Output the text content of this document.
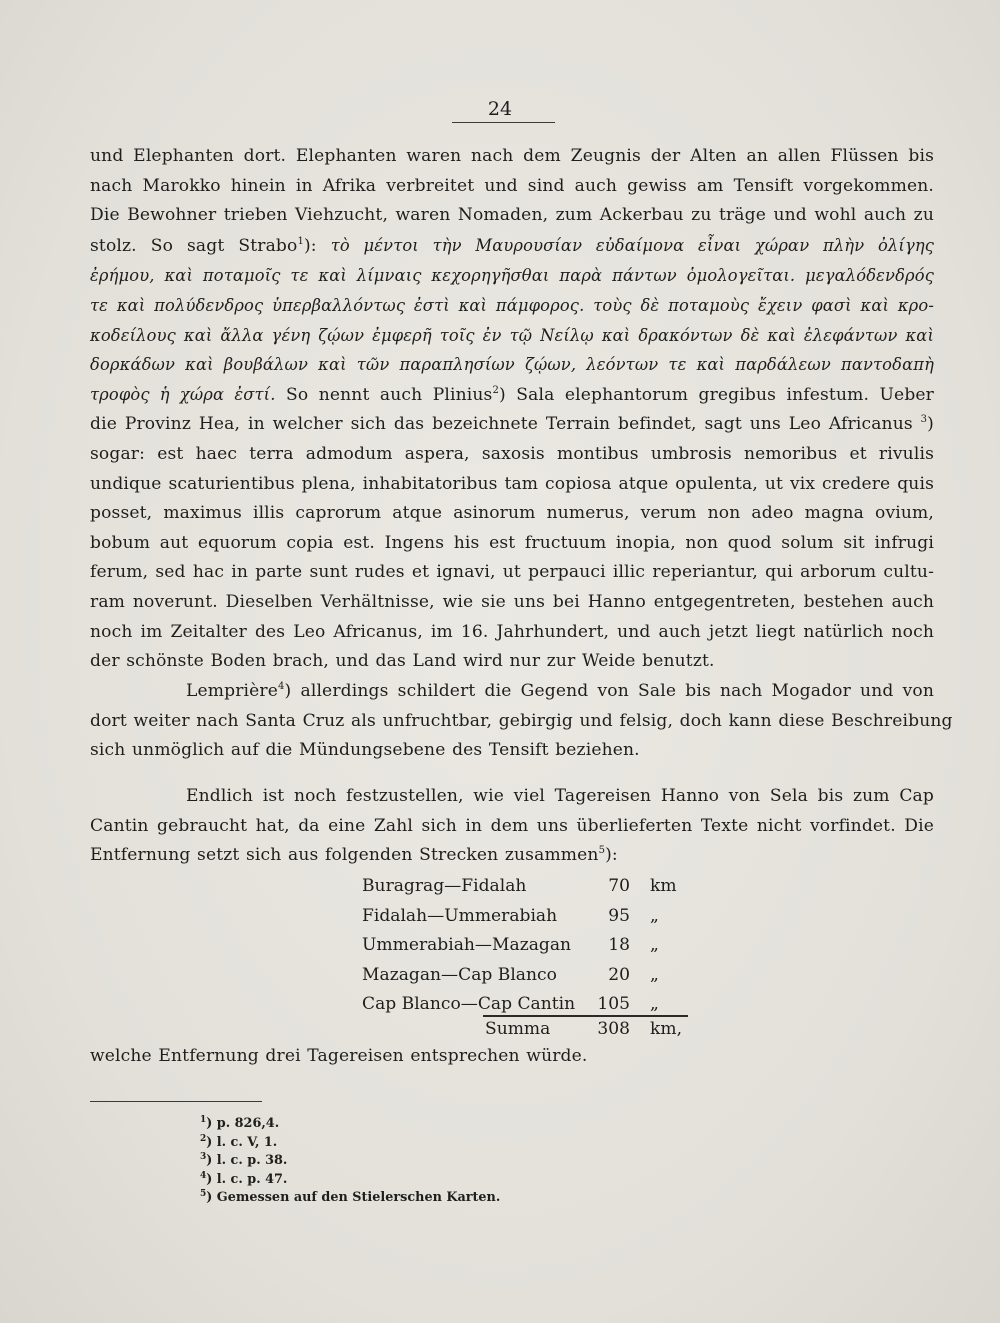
24
und Elephanten dort. Elephanten waren nach dem Zeugnis der Alten an allen Flüssen bis
nach Marokko hinein in Afrika verbreitet und sind auch gewiss am Tensift vorgekommen.
Die Bewohner trieben Viehzucht, waren Nomaden, zum Ackerbau zu träge und wohl auch zu
stolz. So sagt Strabo$^1$): τὸ μέντοι τὴν Μαυρουσίαν εὐδαίμονα εἶναι χώραν πλὴν ὀλίγης
ἐρήμου, καὶ ποταμοῖς τε καὶ λίμναις κεχορηγῆσθαι παρὰ πάντων ὁμολογεῖται. μεγαλόδενδρός
τε καὶ πολύδενδρος ὑπερβαλλόντως ἐστὶ καὶ πάμφορος. τοὺς δὲ ποταμοὺς ἔχειν φασὶ καὶ κρο-
κοδείλους καὶ ἄλλα γένη ζῴων ἐμφερῆ τοῖς ἐν τῷ Νείλῳ καὶ δρακόντων δὲ καὶ ἐλεφάντων καὶ
δορκάδων καὶ βουβάλων καὶ τῶν παραπλησίων ζῴων, λεόντων τε καὶ παρδάλεων παντοδαπὴ
τροφὸς ἡ χώρα ἐστί. So nennt auch Plinius$^2$) Sala elephantorum gregibus infestum. Ueber
die Provinz Hea, in welcher sich das bezeichnete Terrain befindet, sagt uns Leo Africanus $^3$)
sogar: est haec terra admodum aspera, saxosis montibus umbrosis nemoribus et rivulis
undique scaturientibus plena, inhabitatoribus tam copiosa atque opulenta, ut vix credere quis
posset, maximus illis caprorum atque asinorum numerus, verum non adeo magna ovium,
bobum aut equorum copia est. Ingens his est fructuum inopia, non quod solum sit infrugi
ferum, sed hac in parte sunt rudes et ignavi, ut perpauci illic reperiantur, qui arborum cultu-
ram noverunt. Dieselben Verhältnisse, wie sie uns bei Hanno entgegentreten, bestehen auch
noch im Zeitalter des Leo Africanus, im 16. Jahrhundert, und auch jetzt liegt natürlich noch
der schönste Boden brach, und das Land wird nur zur Weide benutzt.
Lemprière$^4$) allerdings schildert die Gegend von Sale bis nach Mogador und von
dort weiter nach Santa Cruz als unfruchtbar, gebirgig und felsig, doch kann diese Beschreibung
sich unmöglich auf die Mündungsebene des Tensift beziehen.
Endlich ist noch festzustellen, wie viel Tagereisen Hanno von Sela bis zum Cap
Cantin gebraucht hat, da eine Zahl sich in dem uns überlieferten Texte nicht vorfindet. Die
Entfernung setzt sich aus folgenden Strecken zusammen$^5$):
Buragrag—Fidalah	70 km
Fidalah—Ummerabiah	95 „
Ummerabiah—Mazagan 18 „
Mazagan—Cap Blanco	20 „
Cap Blanco—Cap Cantin 105 „
Summa	308 km,
welche Entfernung drei Tagereisen entsprechen würde.
$^1$) p. 826,4.
$^2$) l. c. V, 1.
$^3$) l. c. p. 38.
$^4$) l. c. p. 47.
$^5$) Gemessen auf den Stielerschen Karten.
